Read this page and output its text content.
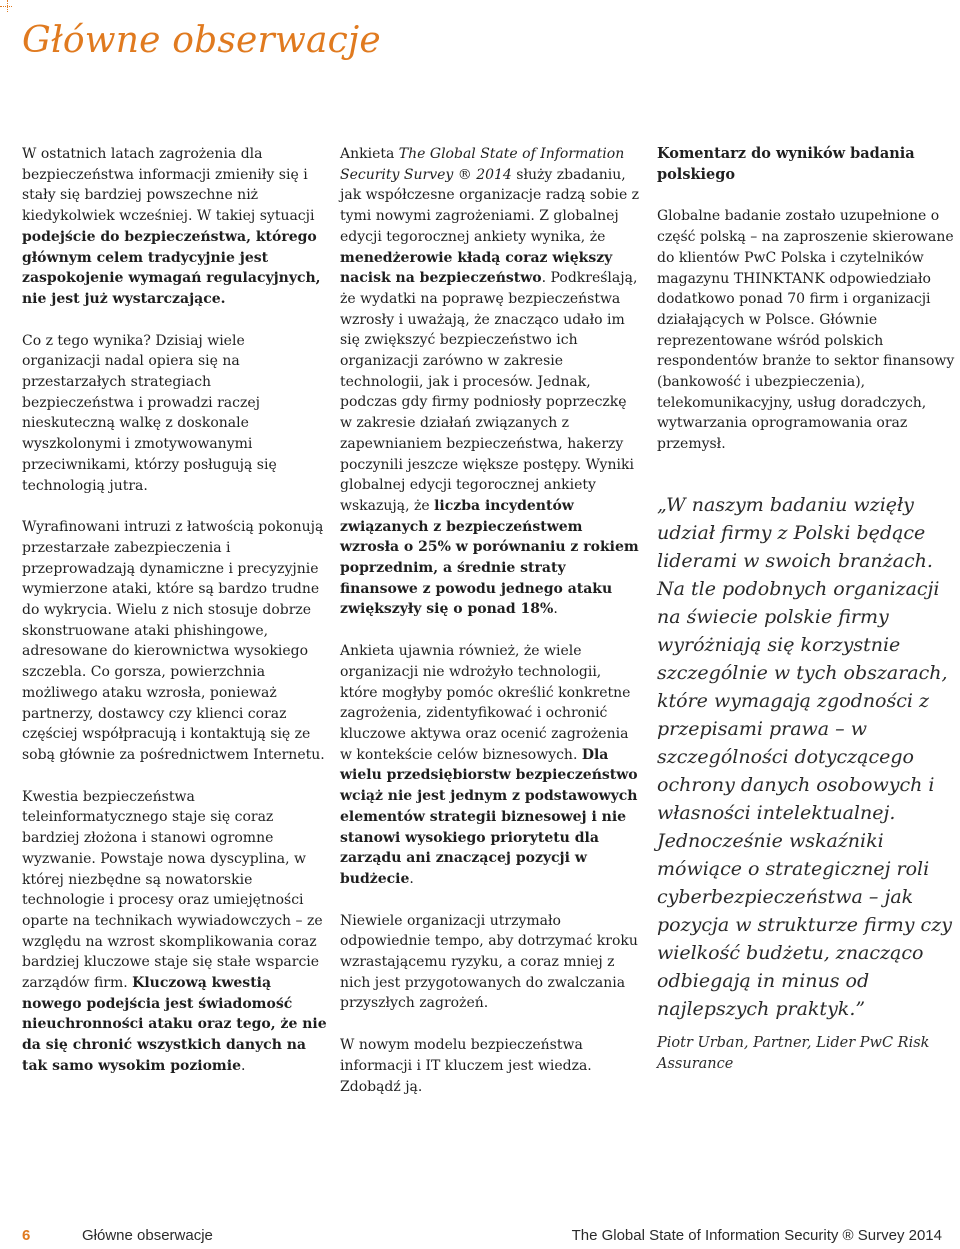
Główne obserwacje

W ostatnich latach zagrożenia dla bezpieczeństwa informacji zmieniły się i stały się bardziej powszechne niż kiedykolwiek wcześniej. W takiej sytuacji podejście do bezpieczeństwa, którego głównym celem tradycyjnie jest zaspokojenie wymagań regulacyjnych, nie jest już wystarczające.

Co z tego wynika? Dzisiaj wiele organizacji nadal opiera się na przestarzałych strategiach bezpieczeństwa i prowadzi raczej nieskuteczną walkę z doskonale wyszkolonymi i zmotywowanymi przeciwnikami, którzy posługują się technologią jutra.

Wyrafinowani intruzi z łatwością pokonują przestarzałe zabezpieczenia i przeprowadzają dynamiczne i precyzyjnie wymierzone ataki, które są bardzo trudne do wykrycia. Wielu z nich stosuje dobrze skonstruowane ataki phishingowe, adresowane do kierownictwa wysokiego szczebla. Co gorsza, powierzchnia możliwego ataku wzrosła, ponieważ partnerzy, dostawcy czy klienci coraz częściej współpracują i kontaktują się ze sobą głównie za pośrednictwem Internetu.

Kwestia bezpieczeństwa teleinformatycznego staje się coraz bardziej złożona i stanowi ogromne wyzwanie. Powstaje nowa dyscyplina, w której niezbędne są nowatorskie technologie i procesy oraz umiejętności oparte na technikach wywiadowczych – ze względu na wzrost skomplikowania coraz bardziej kluczowe staje się stałe wsparcie zarządów firm. Kluczową kwestią nowego podejścia jest świadomość nieuchronności ataku oraz tego, że nie da się chronić wszystkich danych na tak samo wysokim poziomie.

Ankieta The Global State of Information Security Survey ® 2014 służy zbadaniu, jak współczesne organizacje radzą sobie z tymi nowymi zagrożeniami. Z globalnej edycji tegorocznej ankiety wynika, że menedżerowie kładą coraz większy nacisk na bezpieczeństwo. Podkreślają, że wydatki na poprawę bezpieczeństwa wzrosły i uważają, że znacząco udało im się zwiększyć bezpieczeństwo ich organizacji zarówno w zakresie technologii, jak i procesów. Jednak, podczas gdy firmy podniosły poprzeczkę w zakresie działań związanych z zapewnianiem bezpieczeństwa, hakerzy poczynili jeszcze większe postępy. Wyniki globalnej edycji tegorocznej ankiety wskazują, że liczba incydentów związanych z bezpieczeństwem wzrosła o 25% w porównaniu z rokiem poprzednim, a średnie straty finansowe z powodu jednego ataku zwiększyły się o ponad 18%.

Ankieta ujawnia również, że wiele organizacji nie wdrożyło technologii, które mogłyby pomóc określić konkretne zagrożenia, zidentyfikować i ochronić kluczowe aktywa oraz ocenić zagrożenia w kontekście celów biznesowych. Dla wielu przedsiębiorstw bezpieczeństwo wciąż nie jest jednym z podstawowych elementów strategii biznesowej i nie stanowi wysokiego priorytetu dla zarządu ani znaczącej pozycji w budżecie.

Niewiele organizacji utrzymało odpowiednie tempo, aby dotrzymać kroku wzrastającemu ryzyku, a coraz mniej z nich jest przygotowanych do zwalczania przyszłych zagrożeń.

W nowym modelu bezpieczeństwa informacji i IT kluczem jest wiedza. Zdobądź ją.

Komentarz do wyników badania polskiego

Globalne badanie zostało uzupełnione o część polską – na zaproszenie skierowane do klientów PwC Polska i czytelników magazynu THINKTANK odpowiedziało dodatkowo ponad 70 firm i organizacji działających w Polsce. Głównie reprezentowane wśród polskich respondentów branże to sektor finansowy (bankowość i ubezpieczenia), telekomunikacyjny, usług doradczych, wytwarzania oprogramowania oraz przemysł.

„W naszym badaniu wzięły udział firmy z Polski będące liderami w swoich branżach. Na tle podobnych organizacji na świecie polskie firmy wyróżniają się korzystnie szczególnie w tych obszarach, które wymagają zgodności z przepisami prawa – w szczególności dotyczącego ochrony danych osobowych i własności intelektualnej. Jednocześnie wskaźniki mówiące o strategicznej roli cyberbezpieczeństwa – jak pozycja w strukturze firmy czy wielkość budżetu, znacząco odbiegają in minus od najlepszych praktyk.”
Piotr Urban, Partner, Lider PwC Risk Assurance
6	Główne obserwacje	The Global State of Information Security ® Survey 2014
